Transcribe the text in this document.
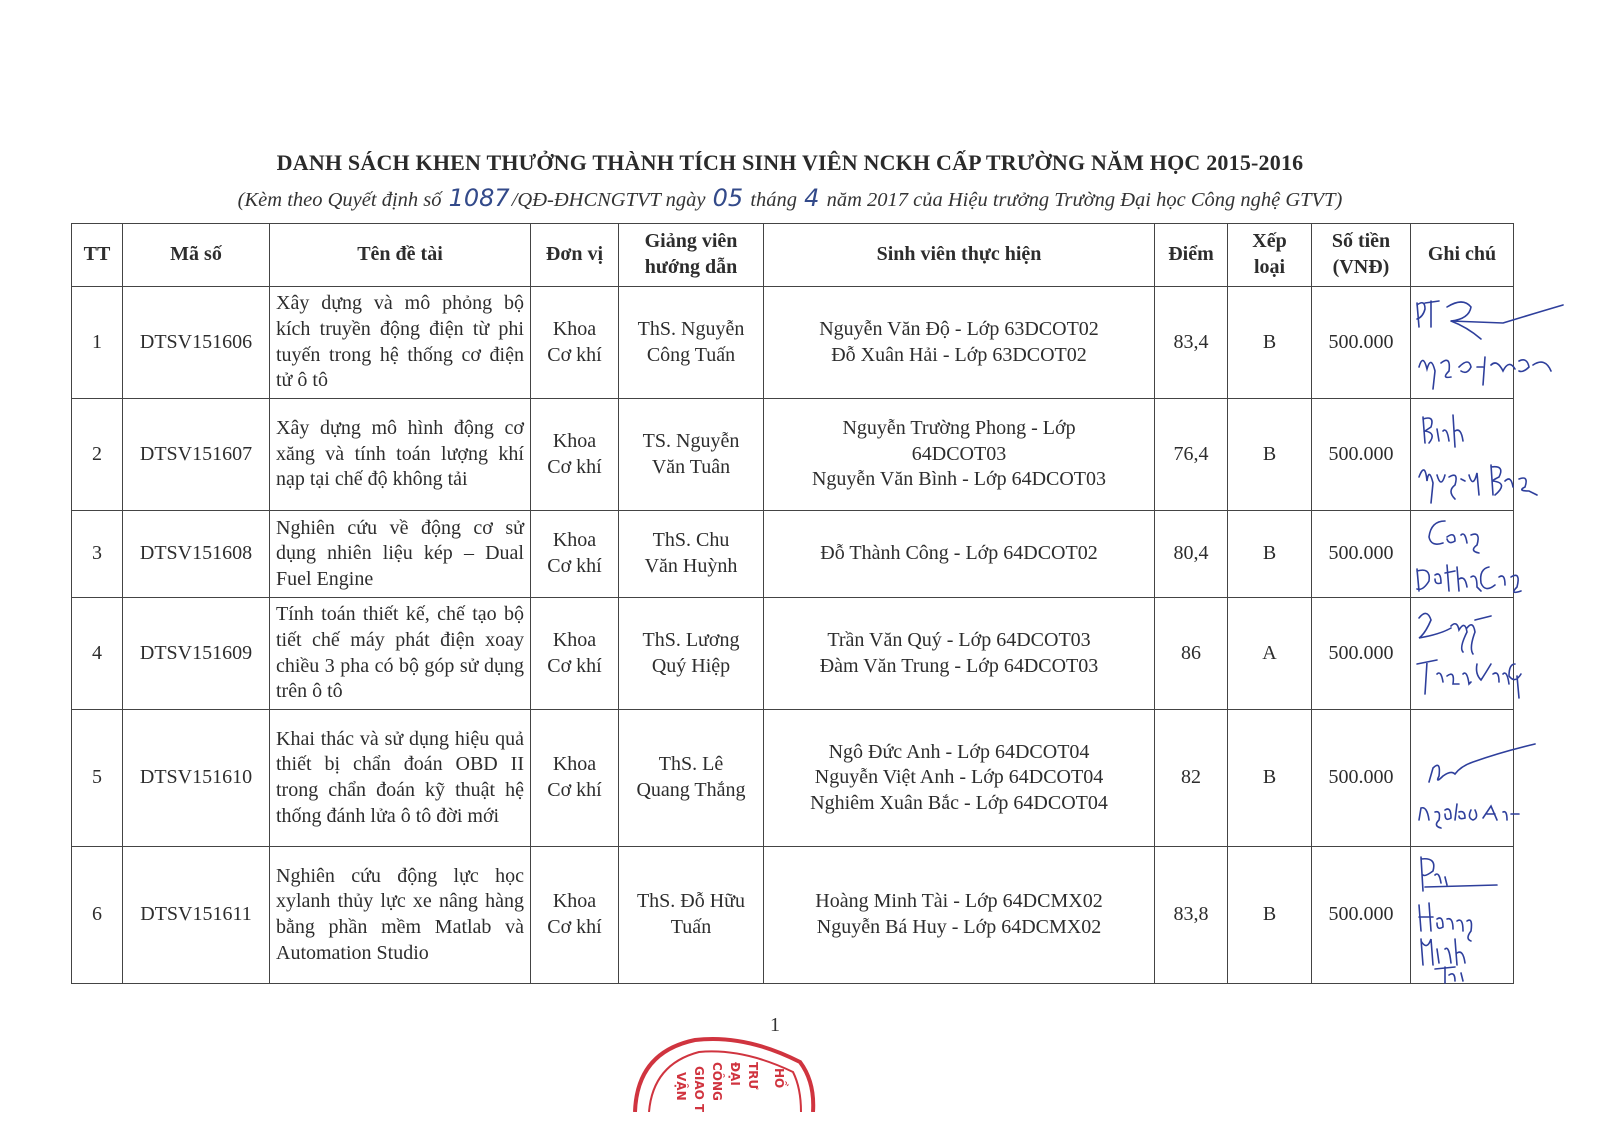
DANH SÁCH KHEN THƯỞNG THÀNH TÍCH SINH VIÊN NCKH CẤP TRƯỜNG NĂM HỌC 2015-2016
(Kèm theo Quyết định số 1087/QĐ-ĐHCNGTVT ngày 05 tháng 4 năm 2017 của Hiệu trưởng Trường Đại học Công nghệ GTVT)
TT	Mã số	Tên đề tài	Đơn vị	Giảng viên
hướng dẫn	Sinh viên thực hiện	Điểm	Xếp
loại	Số tiền
(VNĐ)	Ghi chú
1	DTSV151606	Xây dựng và mô phỏng bộ kích truyền động điện từ phi tuyến trong hệ thống cơ điện tử ô tô	Khoa
Cơ khí	ThS. Nguyễn
Công Tuấn	Nguyễn Văn Độ - Lớp 63DCOT02
Đỗ Xuân Hải - Lớp 63DCOT02	83,4	B	500.000	

2	DTSV151607	Xây dựng mô hình động cơ xăng và tính toán lượng khí nạp tại chế độ không tải	Khoa
Cơ khí	TS. Nguyễn
Văn Tuân	Nguyễn Trường Phong - Lớp
64DCOT03
Nguyễn Văn Bình - Lớp 64DCOT03	76,4	B	500.000	

3	DTSV151608	Nghiên cứu về động cơ sử dụng nhiên liệu kép – Dual Fuel Engine	Khoa
Cơ khí	ThS. Chu
Văn Huỳnh	Đỗ Thành Công - Lớp 64DCOT02	80,4	B	500.000	

4	DTSV151609	Tính toán thiết kế, chế tạo bộ tiết chế máy phát điện xoay chiều 3 pha có bộ góp sử dụng trên ô tô	Khoa
Cơ khí	ThS. Lương
Quý Hiệp	Trần Văn Quý - Lớp 64DCOT03
Đàm Văn Trung - Lớp 64DCOT03	86	A	500.000	

5	DTSV151610	Khai thác và sử dụng hiệu quả thiết bị chẩn đoán OBD II trong chẩn đoán kỹ thuật hệ thống đánh lửa ô tô đời mới	Khoa
Cơ khí	ThS. Lê
Quang Thắng	Ngô Đức Anh - Lớp 64DCOT04
Nguyễn Việt Anh - Lớp 64DCOT04
Nghiêm Xuân Bắc - Lớp 64DCOT04	82	B	500.000	

6	DTSV151611	Nghiên cứu động lực học xylanh thủy lực xe nâng hàng bằng phần mềm Matlab và Automation Studio	Khoa
Cơ khí	ThS. Đỗ Hữu
Tuấn	Hoàng Minh Tài - Lớp 64DCMX02
Nguyễn Bá Huy - Lớp 64DCMX02	83,8	B	500.000	
1
VẬN GIAO T CÔNG ĐẠI TRƯ HỒ
